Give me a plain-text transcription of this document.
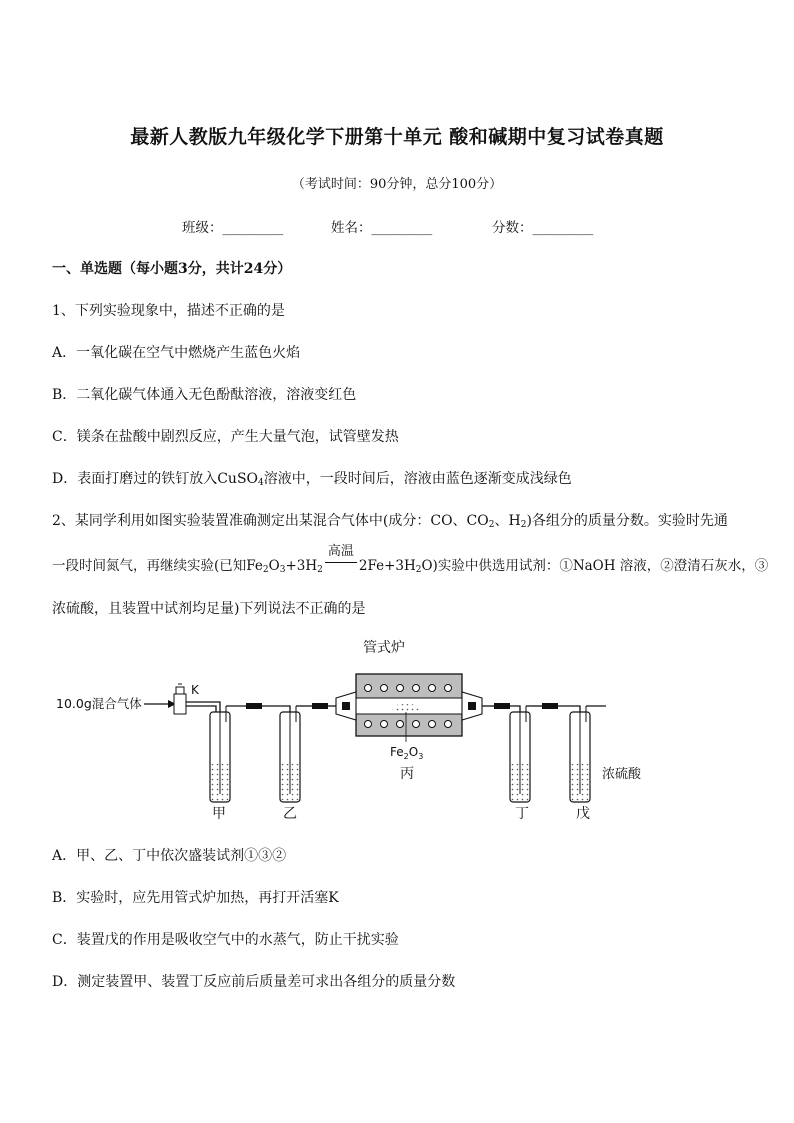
最新人教版九年级化学下册第十单元 酸和碱期中复习试卷真题
（考试时间：90分钟，总分100分）
班级：_________	姓名：_________	分数：_________
一、单选题（每小题3分，共计24分）
1、下列实验现象中，描述不正确的是
A．一氧化碳在空气中燃烧产生蓝色火焰
B．二氧化碳气体通入无色酚酞溶液，溶液变红色
C．镁条在盐酸中剧烈反应，产生大量气泡，试管壁发热
D．表面打磨过的铁钉放入CuSO$_4$溶液中，一段时间后，溶液由蓝色逐渐变成浅绿色
2、某同学利用如图实验装置准确测定出某混合气体中(成分：CO、$CO_2$、$H_2$)各组分的质量分数。实验时先通
一段时间氮气，再继续实验(已知$Fe_2O_3+3H_2$
高温
$2Fe+3H_2O$)实验中供选用试剂：①NaOH 溶液，②澄清石灰水，③
浓硫酸，且装置中试剂均足量)下列说法不正确的是
管式炉
10.0g混合气体
K
$Fe_2O_3$
丙	浓硫酸
甲	乙	丁	戊
A．甲、乙、丁中依次盛装试剂①③②
B．实验时，应先用管式炉加热，再打开活塞K
C．装置戊的作用是吸收空气中的水蒸气，防止干扰实验
D．测定装置甲、装置丁反应前后质量差可求出各组分的质量分数
